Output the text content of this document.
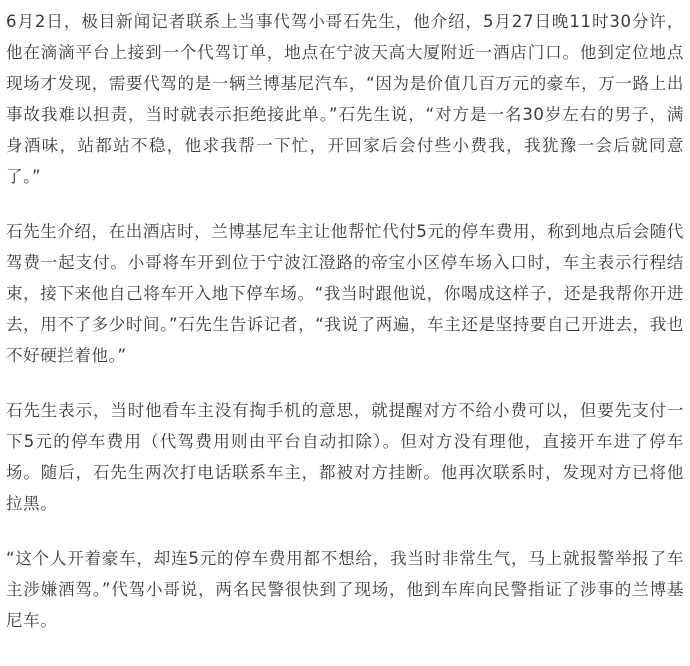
6月2日，极目新闻记者联系上当事代驾小哥石先生，他介绍，5月27日晚11时30分许，他在滴滴平台上接到一个代驾订单，地点在宁波天高大厦附近一酒店门口。他到定位地点现场才发现，需要代驾的是一辆兰博基尼汽车，“因为是价值几百万元的豪车，万一路上出事故我难以担责，当时就表示拒绝接此单。”石先生说，“对方是一名30岁左右的男子，满身酒味，站都站不稳，他求我帮一下忙，开回家后会付些小费我，我犹豫一会后就同意了。”

石先生介绍，在出酒店时，兰博基尼车主让他帮忙代付5元的停车费用，称到地点后会随代驾费一起支付。小哥将车开到位于宁波江澄路的帝宝小区停车场入口时，车主表示行程结束，接下来他自己将车开入地下停车场。“我当时跟他说，你喝成这样子，还是我帮你开进去，用不了多少时间。”石先生告诉记者，“我说了两遍，车主还是坚持要自己开进去，我也不好硬拦着他。”

石先生表示，当时他看车主没有掏手机的意思，就提醒对方不给小费可以，但要先支付一下5元的停车费用（代驾费用则由平台自动扣除）。但对方没有理他，直接开车进了停车场。随后，石先生两次打电话联系车主，都被对方挂断。他再次联系时，发现对方已将他拉黑。

“这个人开着豪车，却连5元的停车费用都不想给，我当时非常生气，马上就报警举报了车主涉嫌酒驾。”代驾小哥说，两名民警很快到了现场，他到车库向民警指证了涉事的兰博基尼车。
